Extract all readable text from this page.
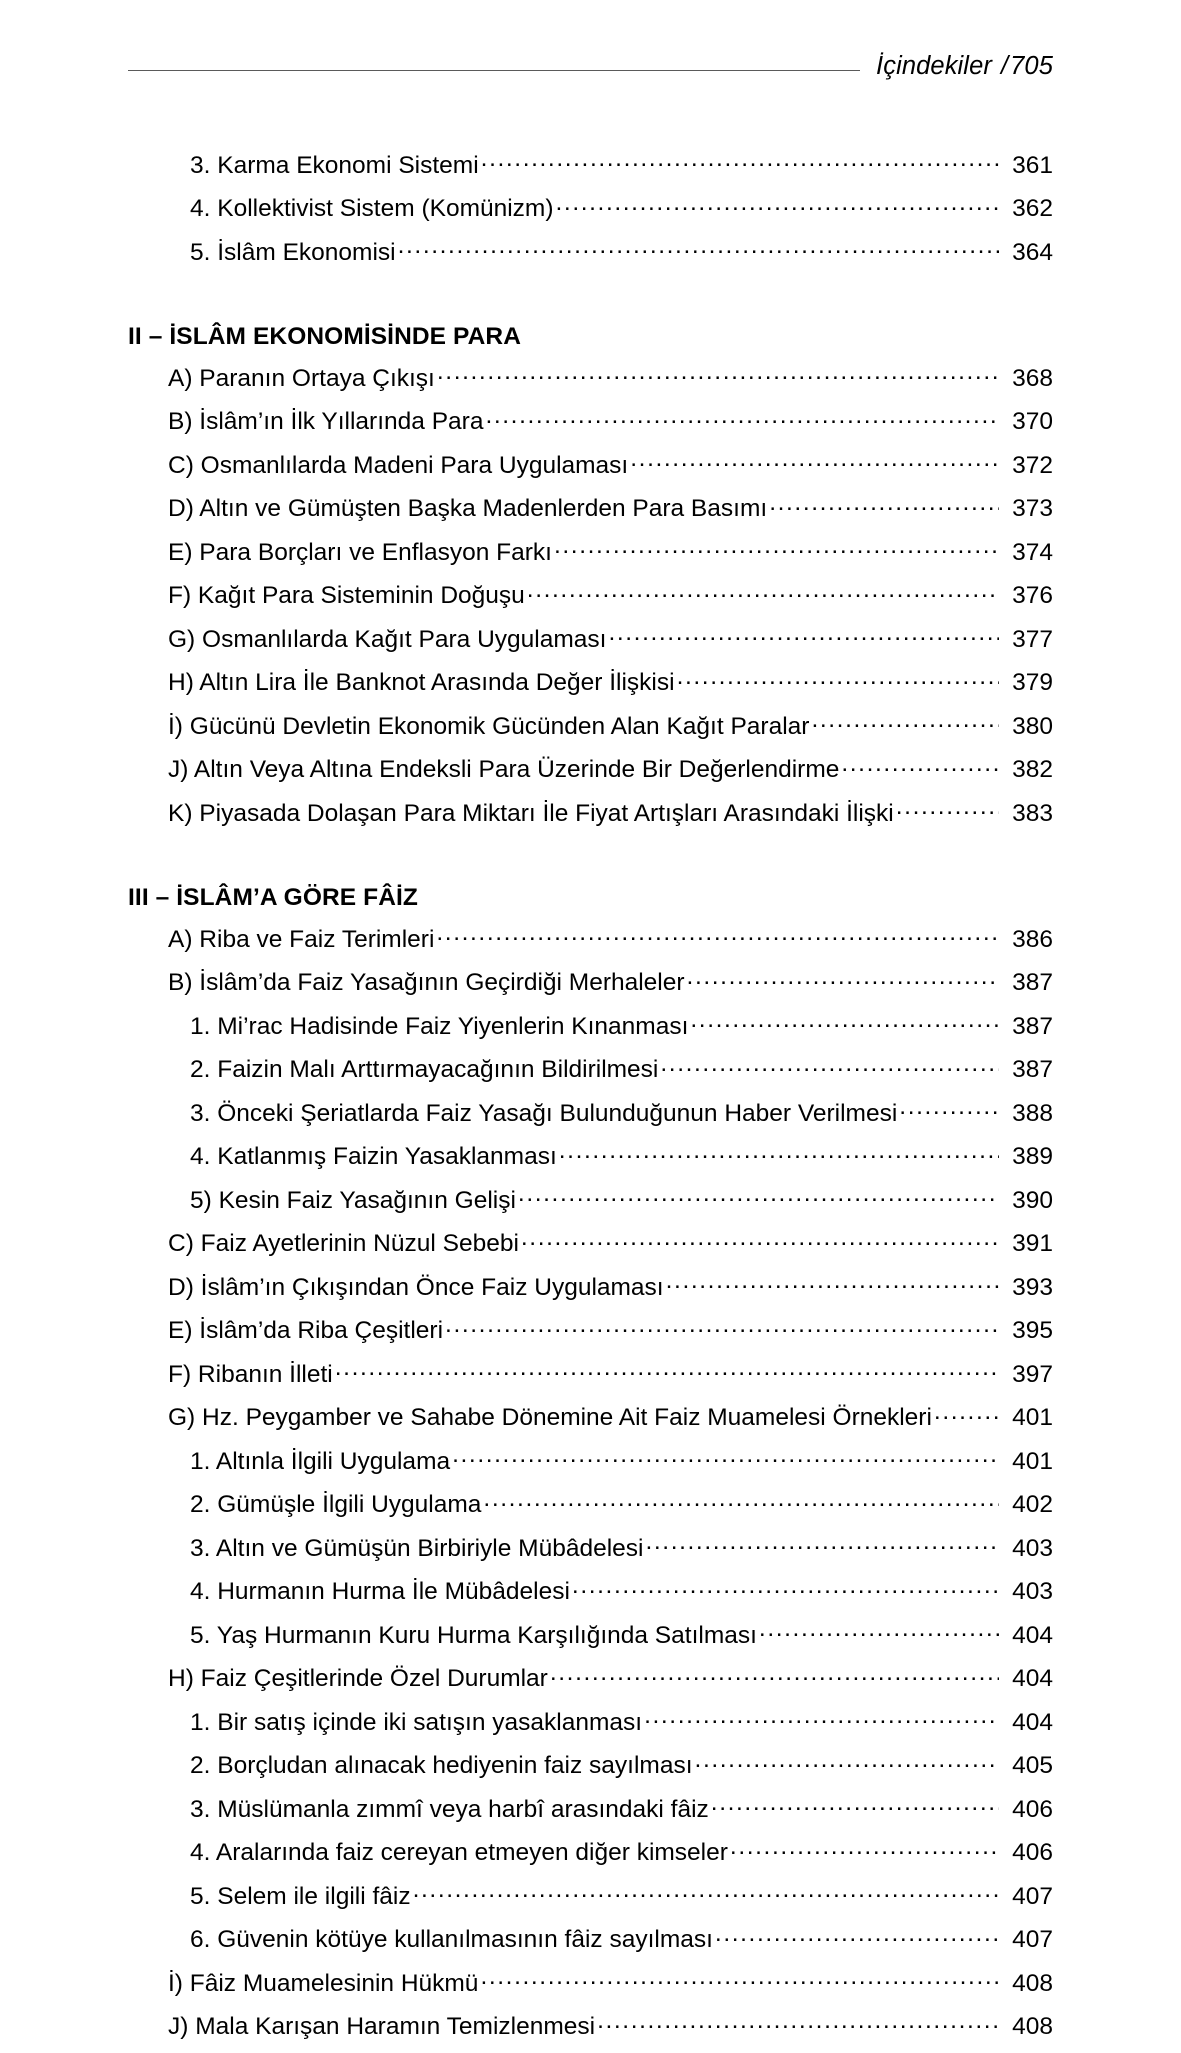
İçindekiler /705
3. Karma Ekonomi Sistemi .....	361
4. Kollektivist Sistem (Komünizm) .....	362
5. İslâm Ekonomisi .....	364
II – İSLÂM EKONOMİSİNDE PARA
A) Paranın Ortaya Çıkışı .....	368
B) İslâm’ın İlk Yıllarında Para .....	370
C) Osmanlılarda Madeni Para Uygulaması .....	372
D) Altın ve Gümüşten Başka Madenlerden Para Basımı .....	373
E) Para Borçları ve Enflasyon Farkı .....	374
F) Kağıt Para Sisteminin Doğuşu .....	376
G) Osmanlılarda Kağıt Para Uygulaması .....	377
H) Altın Lira İle Banknot Arasında Değer İlişkisi .....	379
İ) Gücünü Devletin Ekonomik Gücünden Alan Kağıt Paralar .....	380
J) Altın Veya Altına Endeksli Para Üzerinde Bir Değerlendirme .....	382
K) Piyasada Dolaşan Para Miktarı İle Fiyat Artışları Arasındaki İlişki .....	383
III – İSLÂM’A GÖRE FÂİZ
A) Riba ve Faiz Terimleri .....	386
B) İslâm’da Faiz Yasağının Geçirdiği Merhaleler .....	387
1. Mi’rac Hadisinde Faiz Yiyenlerin Kınanması .....	387
2. Faizin Malı Arttırmayacağının Bildirilmesi .....	387
3. Önceki Şeriatlarda Faiz Yasağı Bulunduğunun Haber Verilmesi .....	388
4. Katlanmış Faizin Yasaklanması .....	389
5) Kesin Faiz Yasağının Gelişi .....	390
C) Faiz Ayetlerinin Nüzul Sebebi .....	391
D) İslâm’ın Çıkışından Önce Faiz Uygulaması .....	393
E) İslâm’da Riba Çeşitleri .....	395
F) Ribanın İlleti .....	397
G) Hz. Peygamber ve Sahabe Dönemine Ait Faiz Muamelesi Örnekleri .....	401
1. Altınla İlgili Uygulama .....	401
2. Gümüşle İlgili Uygulama .....	402
3. Altın ve Gümüşün Birbiriyle Mübâdelesi .....	403
4. Hurmanın Hurma İle Mübâdelesi .....	403
5. Yaş Hurmanın Kuru Hurma Karşılığında Satılması .....	404
H) Faiz Çeşitlerinde Özel Durumlar .....	404
1. Bir satış içinde iki satışın yasaklanması .....	404
2. Borçludan alınacak hediyenin faiz sayılması .....	405
3. Müslümanla zımmî veya harbî arasındaki fâiz .....	406
4. Aralarında faiz cereyan etmeyen diğer kimseler .....	406
5. Selem ile ilgili fâiz .....	407
6. Güvenin kötüye kullanılmasının fâiz sayılması .....	407
İ) Fâiz Muamelesinin Hükmü .....	408
J) Mala Karışan Haramın Temizlenmesi .....	408
